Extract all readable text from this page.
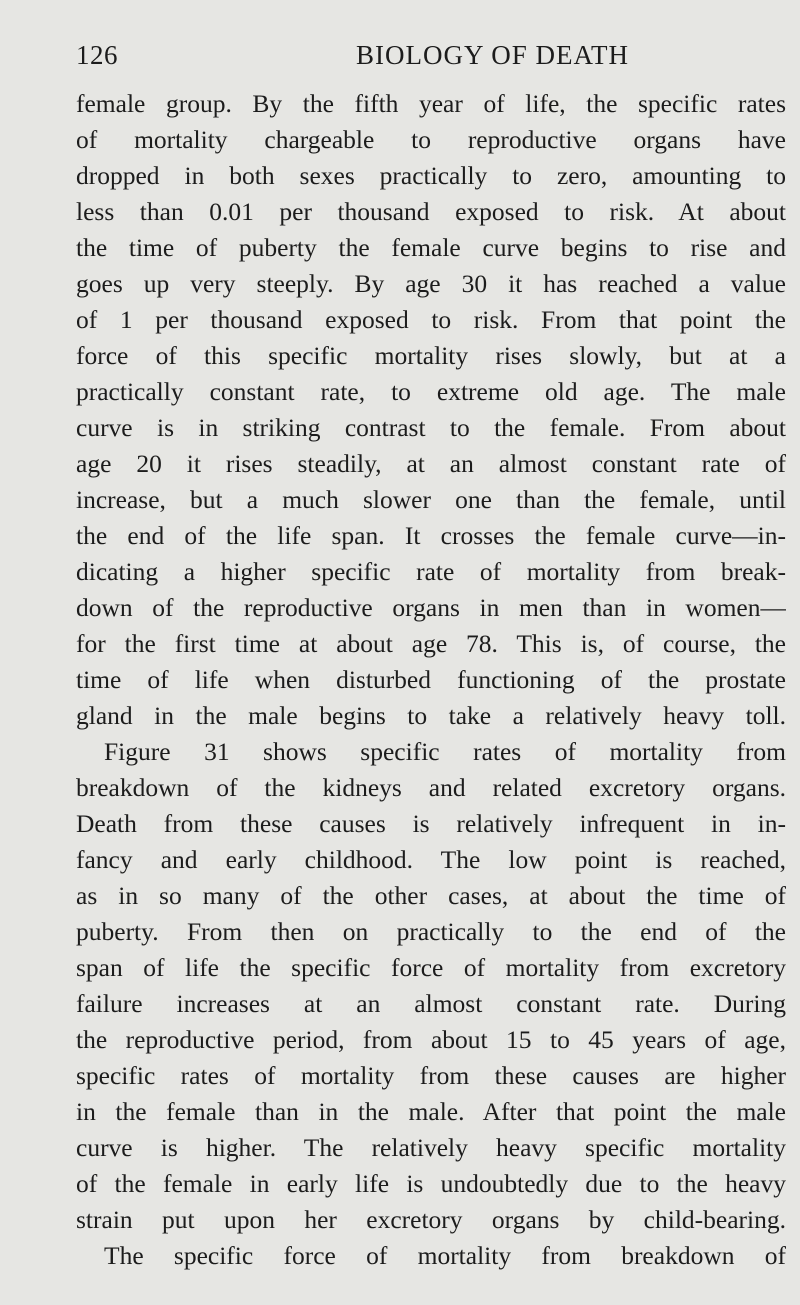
126	BIOLOGY OF DEATH
female group. By the fifth year of life, the specific rates
of mortality chargeable to reproductive organs have
dropped in both sexes practically to zero, amounting to
less than 0.01 per thousand exposed to risk. At about
the time of puberty the female curve begins to rise and
goes up very steeply. By age 30 it has reached a value
of 1 per thousand exposed to risk. From that point the
force of this specific mortality rises slowly, but at a
practically constant rate, to extreme old age. The male
curve is in striking contrast to the female. From about
age 20 it rises steadily, at an almost constant rate of
increase, but a much slower one than the female, until
the end of the life span. It crosses the female curve—in-
dicating a higher specific rate of mortality from break-
down of the reproductive organs in men than in women—
for the first time at about age 78. This is, of course, the
time of life when disturbed functioning of the prostate
gland in the male begins to take a relatively heavy toll.
Figure 31 shows specific rates of mortality from
breakdown of the kidneys and related excretory organs.
Death from these causes is relatively infrequent in in-
fancy and early childhood. The low point is reached,
as in so many of the other cases, at about the time of
puberty. From then on practically to the end of the
span of life the specific force of mortality from excretory
failure increases at an almost constant rate. During
the reproductive period, from about 15 to 45 years of age,
specific rates of mortality from these causes are higher
in the female than in the male. After that point the male
curve is higher. The relatively heavy specific mortality
of the female in early life is undoubtedly due to the heavy
strain put upon her excretory organs by child-bearing.
The specific force of mortality from breakdown of
